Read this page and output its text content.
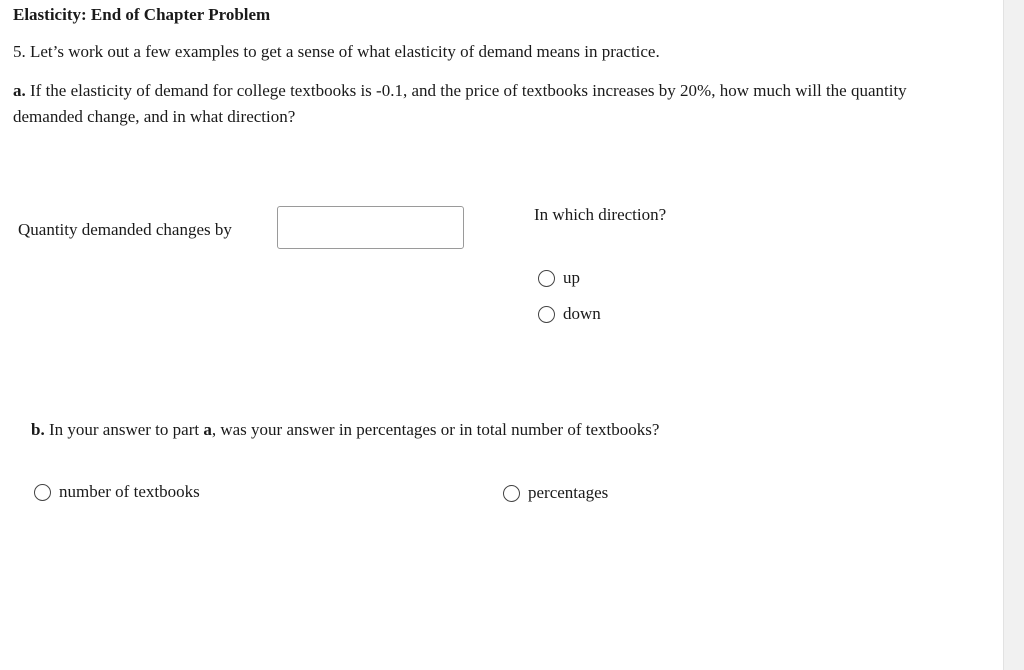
Elasticity: End of Chapter Problem
5. Let’s work out a few examples to get a sense of what elasticity of demand means in practice.
a. If the elasticity of demand for college textbooks is -0.1, and the price of textbooks increases by 20%, how much will the quantity demanded change, and in what direction?
Quantity demanded changes by
In which direction?
up
down
b. In your answer to part a, was your answer in percentages or in total number of textbooks?
number of textbooks	percentages
